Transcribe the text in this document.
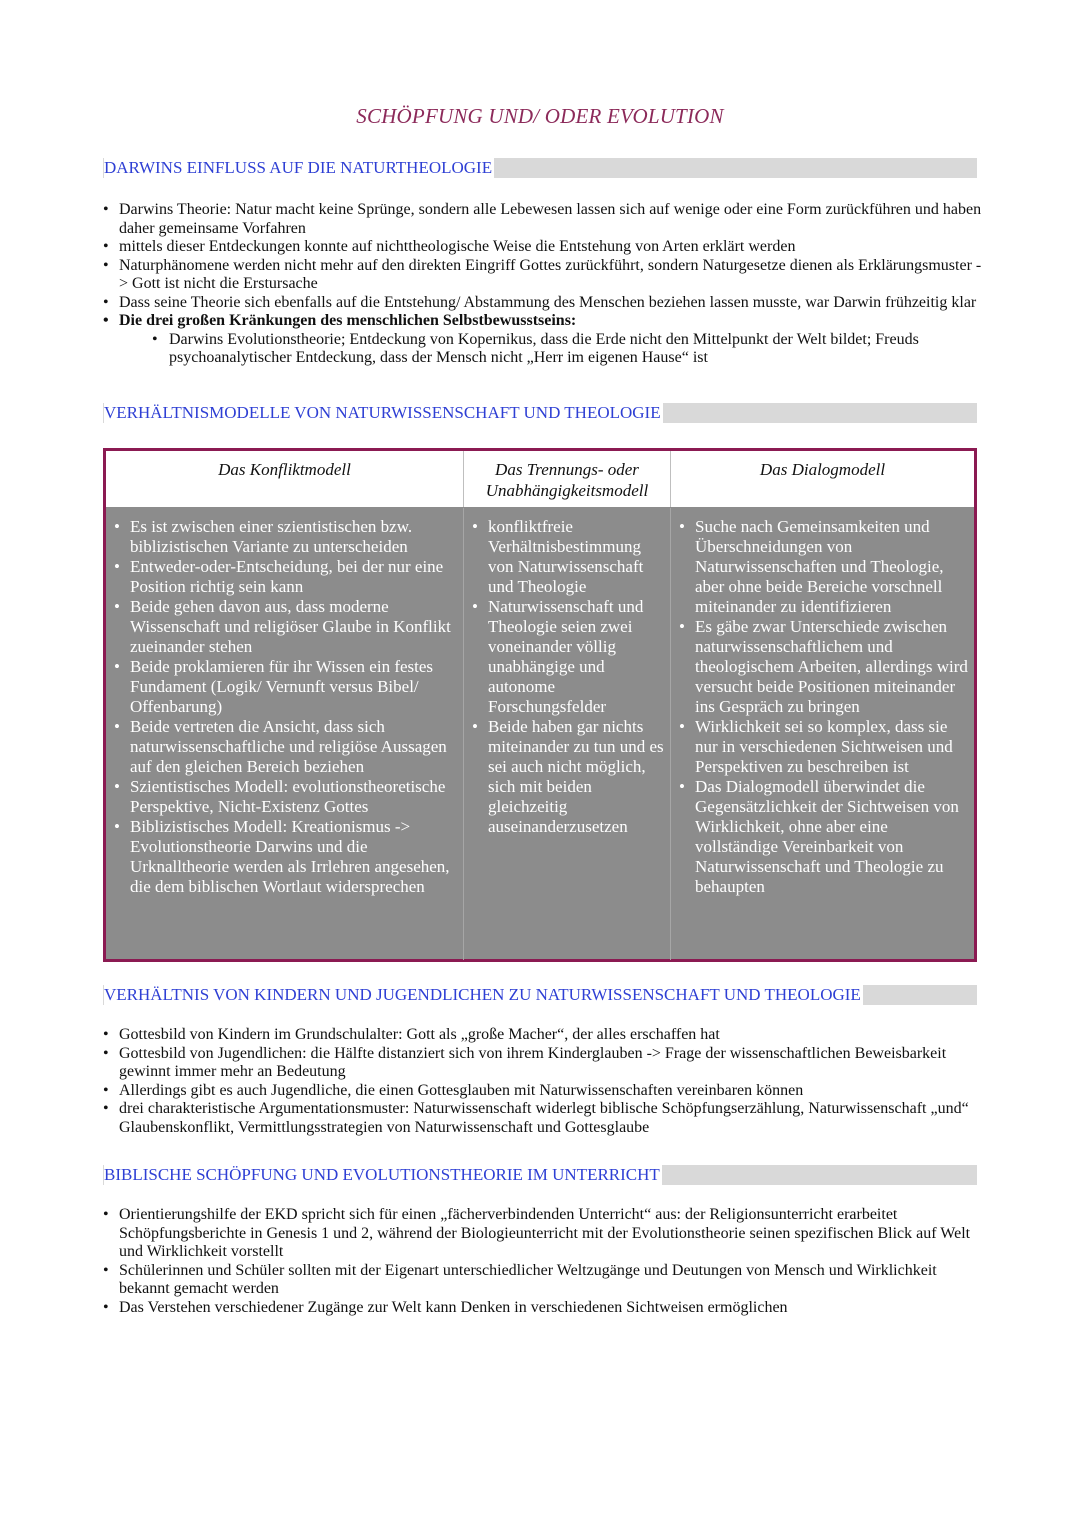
SCHÖPFUNG UND/ ODER EVOLUTION
DARWINS EINFLUSS AUF DIE NATURTHEOLOGIE
• Darwins Theorie: Natur macht keine Sprünge, sondern alle Lebewesen lassen sich auf wenige oder eine Form zurückführen und haben daher gemeinsame Vorfahren
• mittels dieser Entdeckungen konnte auf nichttheologische Weise die Entstehung von Arten erklärt werden
• Naturphänomene werden nicht mehr auf den direkten Eingriff Gottes zurückführt, sondern Naturgesetze dienen als Erklärungsmuster -> Gott ist nicht die Erstursache
• Dass seine Theorie sich ebenfalls auf die Entstehung/ Abstammung des Menschen beziehen lassen musste, war Darwin frühzeitig klar
• Die drei großen Kränkungen des menschlichen Selbstbewusstseins:
• Darwins Evolutionstheorie; Entdeckung von Kopernikus, dass die Erde nicht den Mittelpunkt der Welt bildet; Freuds psychoanalytischer Entdeckung, dass der Mensch nicht „Herr im eigenen Hause“ ist
VERHÄLTNISMODELLE VON NATURWISSENSCHAFT UND THEOLOGIE
Das Konfliktmodell	Das Trennungs- oder Unabhängigkeitsmodell
Das Dialogmodell
• Es ist zwischen einer szientistischen bzw. biblizistischen Variante zu unterscheiden
• Entweder-oder-Entscheidung, bei der nur eine Position richtig sein kann
• Beide gehen davon aus, dass moderne Wissenschaft und religiöser Glaube in Konflikt zueinander stehen
• Beide proklamieren für ihr Wissen ein festes Fundament (Logik/ Vernunft versus Bibel/ Offenbarung)
• Beide vertreten die Ansicht, dass sich naturwissenschaftliche und religiöse Aussagen auf den gleichen Bereich beziehen
• Szientistisches Modell: evolutionstheoretische Perspektive, Nicht-Existenz Gottes
• Biblizistisches Modell: Kreationismus -> Evolutionstheorie Darwins und die Urknalltheorie werden als Irrlehren angesehen, die dem biblischen Wortlaut widersprechen
• konfliktfreie Verhältnisbestimmung von Naturwissenschaft und Theologie
• Naturwissenschaft und Theologie seien zwei voneinander völlig unabhängige und autonome Forschungsfelder
• Beide haben gar nichts miteinander zu tun und es sei auch nicht möglich, sich mit beiden gleichzeitig auseinanderzusetzen
• Suche nach Gemeinsamkeiten und Überschneidungen von Naturwissenschaften und Theologie, aber ohne beide Bereiche vorschnell miteinander zu identifizieren
• Es gäbe zwar Unterschiede zwischen naturwissenschaftlichem und theologischem Arbeiten, allerdings wird versucht beide Positionen miteinander ins Gespräch zu bringen
• Wirklichkeit sei so komplex, dass sie nur in verschiedenen Sichtweisen und Perspektiven zu beschreiben ist
• Das Dialogmodell überwindet die Gegensätzlichkeit der Sichtweisen von Wirklichkeit, ohne aber eine vollständige Vereinbarkeit von Naturwissenschaft und Theologie zu behaupten
VERHÄLTNIS VON KINDERN UND JUGENDLICHEN ZU NATURWISSENSCHAFT UND THEOLOGIE
• Gottesbild von Kindern im Grundschulalter: Gott als „große Macher“, der alles erschaffen hat
• Gottesbild von Jugendlichen: die Hälfte distanziert sich von ihrem Kinderglauben -> Frage der wissenschaftlichen Beweisbarkeit gewinnt immer mehr an Bedeutung
• Allerdings gibt es auch Jugendliche, die einen Gottesglauben mit Naturwissenschaften vereinbaren können
• drei charakteristische Argumentationsmuster: Naturwissenschaft widerlegt biblische Schöpfungserzählung, Naturwissenschaft „und“ Glaubenskonflikt, Vermittlungsstrategien von Naturwissenschaft und Gottesglaube
BIBLISCHE SCHÖPFUNG UND EVOLUTIONSTHEORIE IM UNTERRICHT
• Orientierungshilfe der EKD spricht sich für einen „fächerverbindenden Unterricht“ aus: der Religionsunterricht erarbeitet Schöpfungsberichte in Genesis 1 und 2, während der Biologieunterricht mit der Evolutionstheorie seinen spezifischen Blick auf Welt und Wirklichkeit vorstellt
• Schülerinnen und Schüler sollten mit der Eigenart unterschiedlicher Weltzugänge und Deutungen von Mensch und Wirklichkeit bekannt gemacht werden
• Das Verstehen verschiedener Zugänge zur Welt kann Denken in verschiedenen Sichtweisen ermöglichen
